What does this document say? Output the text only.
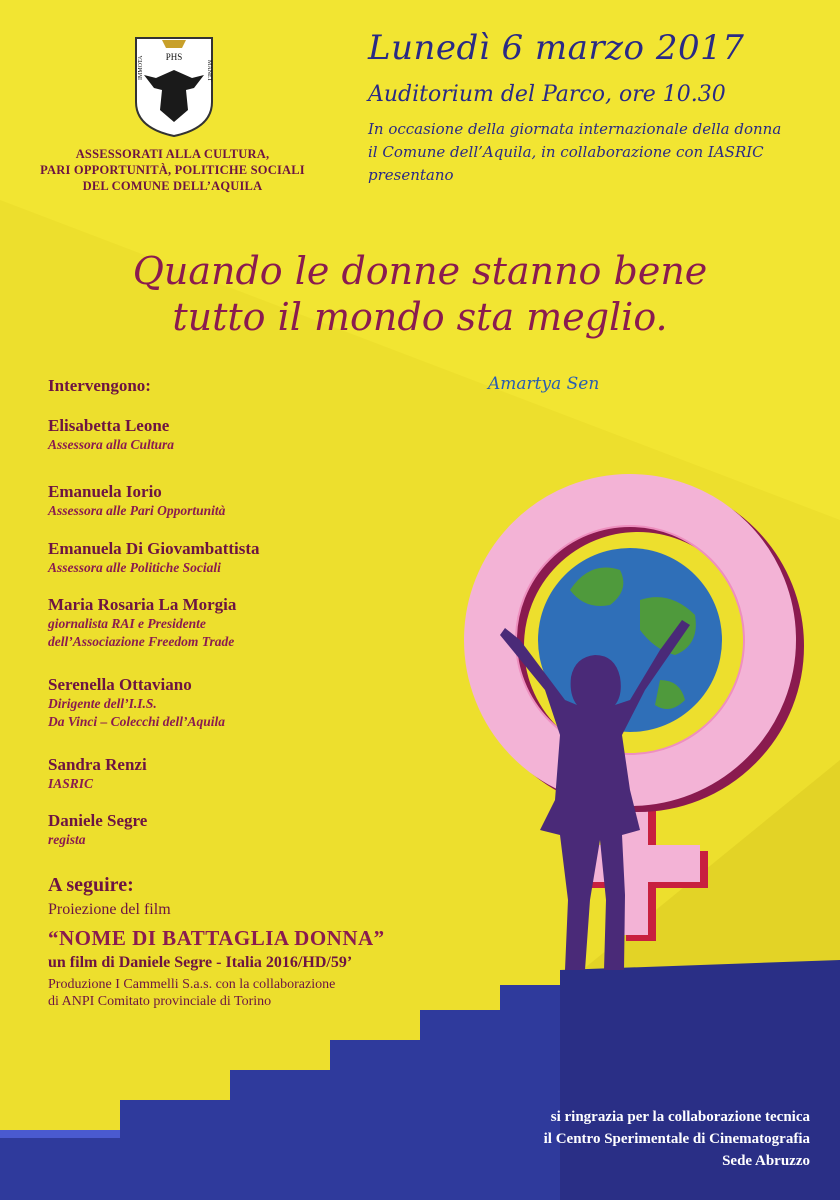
PHS
IMMOTA	MANET
ASSESSORATI ALLA CULTURA,
PARI OPPORTUNITÀ, POLITICHE SOCIALI
DEL COMUNE DELL’AQUILA
Lunedì 6 marzo 2017
Auditorium del Parco, ore 10.30
In occasione della giornata internazionale della donna
il Comune dell’Aquila, in collaborazione con IASRIC
presentano
Quando le donne stanno bene
tutto il mondo sta meglio.
Amartya Sen
Intervengono:
Elisabetta Leone
Assessora alla Cultura
Emanuela Iorio
Assessora alle Pari Opportunità
Emanuela Di Giovambattista
Assessora alle Politiche Sociali
Maria Rosaria La Morgia
giornalista RAI e Presidente
dell’Associazione Freedom Trade
Serenella Ottaviano
Dirigente dell’I.I.S.
Da Vinci – Colecchi dell’Aquila
Sandra Renzi
IASRIC
Daniele Segre
regista
A seguire:
Proiezione del film
“NOME DI BATTAGLIA DONNA”
un film di Daniele Segre - Italia 2016/HD/59’
Produzione I Cammelli S.a.s. con la collaborazione
di ANPI Comitato provinciale di Torino
si ringrazia per la collaborazione tecnica
il Centro Sperimentale di Cinematografia
Sede Abruzzo
